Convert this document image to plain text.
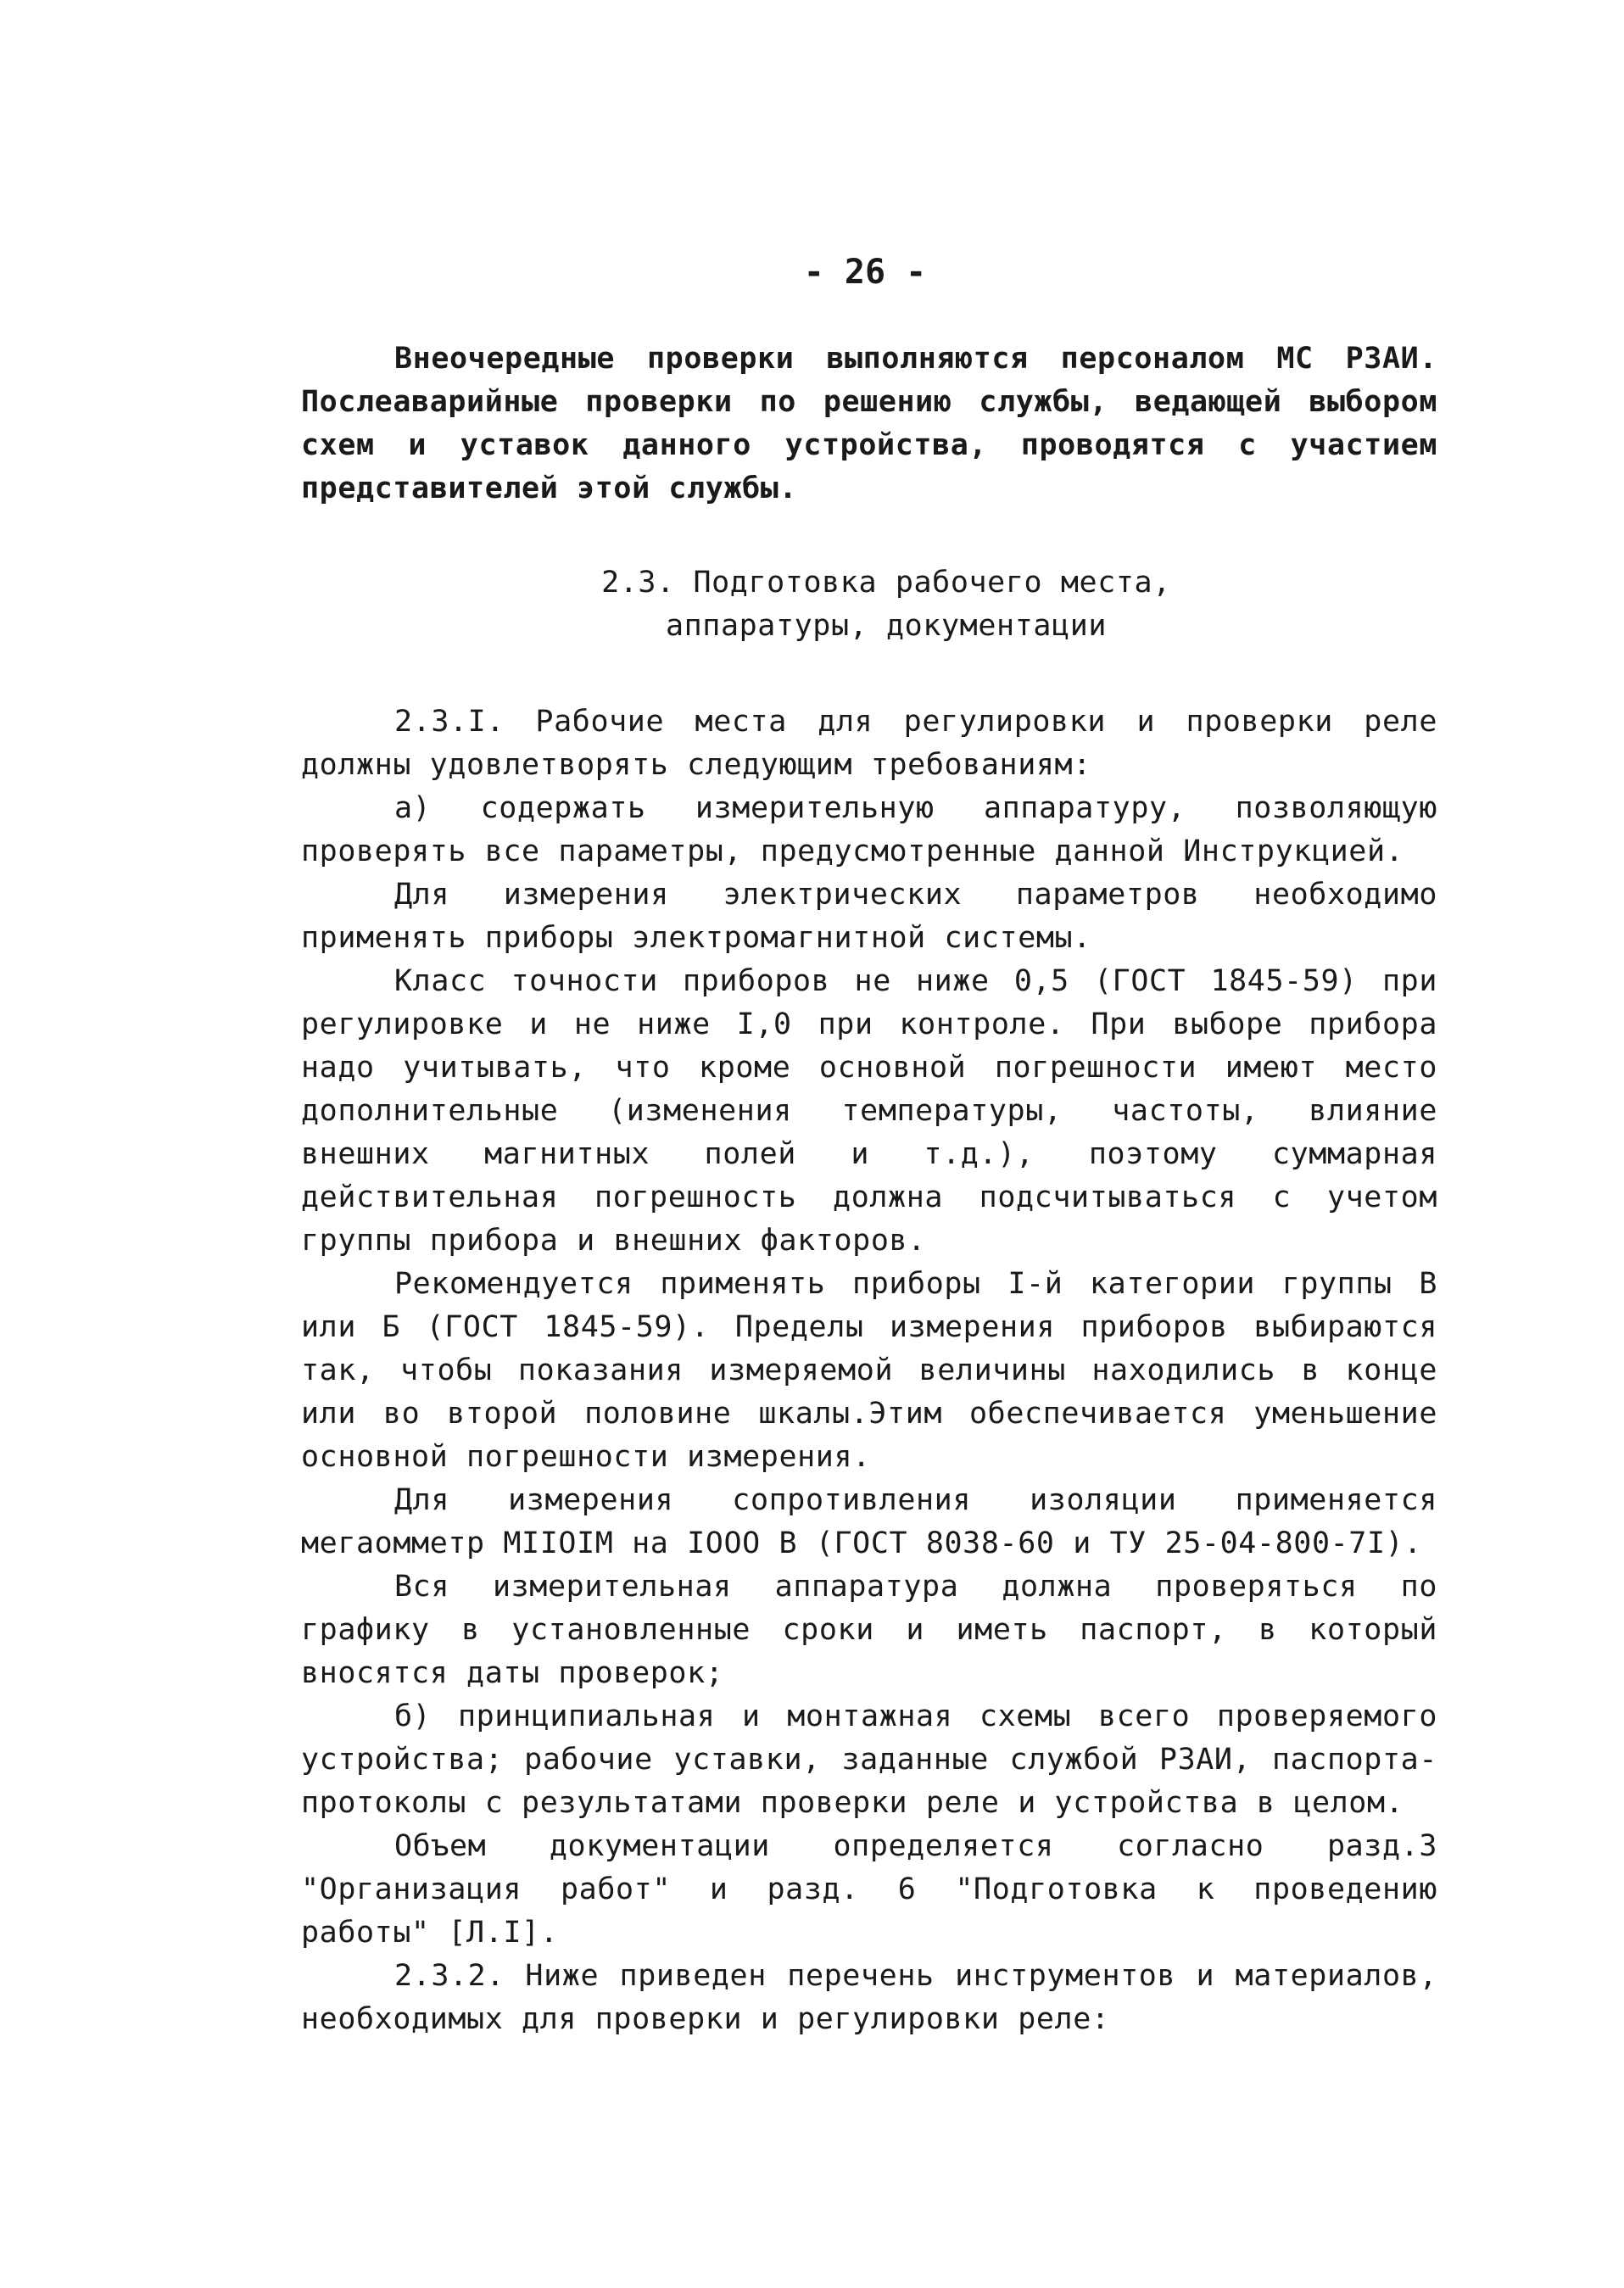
- 26 -

Внеочередные проверки выполняются персоналом МС РЗАИ. Послеаварийные проверки по решению службы, ведающей выбором схем и уставок данного устройства, проводятся с участием представителей этой службы.

2.3. Подготовка рабочего места,
аппаратуры, документации

2.3.I. Рабочие места для регулировки и проверки реле должны удовлетворять следующим требованиям:

а) содержать измерительную аппаратуру, позволяющую проверять все параметры, предусмотренные данной Инструкцией.

Для измерения электрических параметров необходимо применять приборы электромагнитной системы.

Класс точности приборов не ниже 0,5 (ГОСТ 1845-59) при регулировке и не ниже I,0 при контроле. При выборе прибора надо учитывать, что кроме основной погрешности имеют место дополнительные (изменения температуры, частоты, влияние внешних магнитных полей и т.д.), поэтому суммарная действительная погрешность должна подсчитываться с учетом группы прибора и внешних факторов.

Рекомендуется применять приборы I-й категории группы В или Б (ГОСТ 1845-59). Пределы измерения приборов выбираются так, чтобы показания измеряемой величины находились в конце или во второй половине шкалы.Этим обеспечивается уменьшение основной погрешности измерения.

Для измерения сопротивления изоляции применяется мегаомметр МIIОIМ на IООО В (ГОСТ 8038-60 и ТУ 25-04-800-7I).

Вся измерительная аппаратура должна проверяться по графику в установленные сроки и иметь паспорт, в который вносятся даты проверок;

б) принципиальная и монтажная схемы всего проверяемого устройства; рабочие уставки, заданные службой РЗАИ, паспорта-протоколы с результатами проверки реле и устройства в целом.

Объем документации определяется согласно разд.3 "Организация работ" и разд. 6 "Подготовка к проведению работы" [Л.I].

2.3.2. Ниже приведен перечень инструментов и материалов, необходимых для проверки и регулировки реле:
